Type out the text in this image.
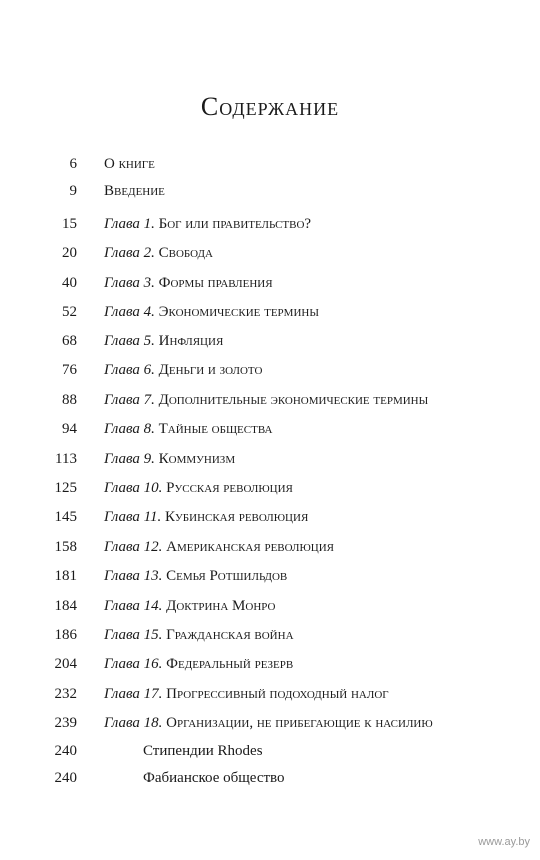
Содержание
6 О книге
9 Введение
15 Глава 1. Бог или правительство?
20 Глава 2. Свобода
40 Глава 3. Формы правления
52 Глава 4. Экономические термины
68 Глава 5. Инфляция
76 Глава 6. Деньги и золото
88 Глава 7. Дополнительные экономические термины
94 Глава 8. Тайные общества
113 Глава 9. Коммунизм
125 Глава 10. Русская революция
145 Глава 11. Кубинская революция
158 Глава 12. Американская революция
181 Глава 13. Семья Ротшильдов
184 Глава 14. Доктрина Монро
186 Глава 15. Гражданская война
204 Глава 16. Федеральный резерв
232 Глава 17. Прогрессивный подоходный налог
239 Глава 18. Организации, не прибегающие к насилию
240	Стипендии Rhodes
240	Фабианское общество
www.ay.by
